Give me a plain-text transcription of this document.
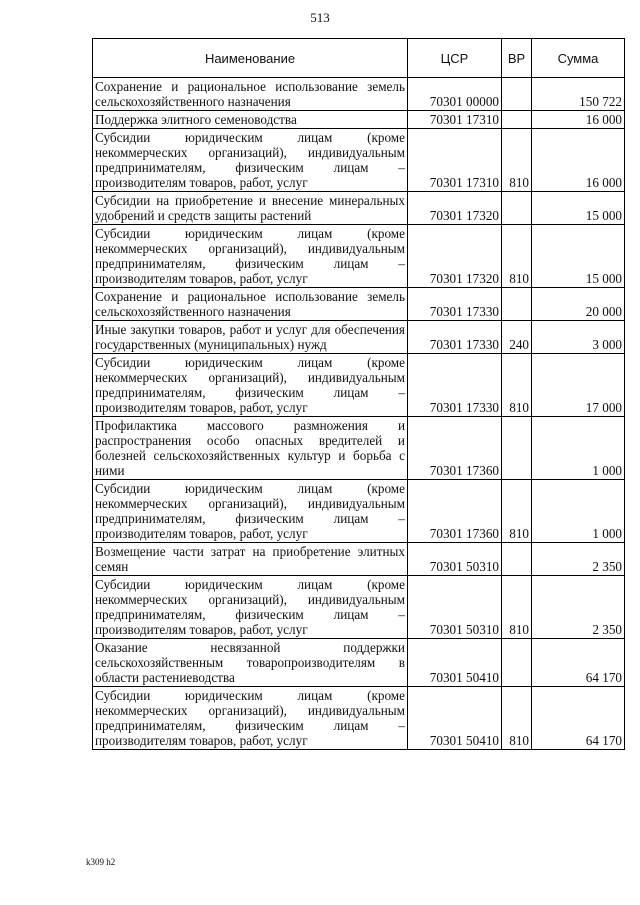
513
Наименование	ЦСР	ВР	Сумма
Сохранение и рациональное использование земель сельскохозяйственного назначения	70301 00000		150 722
Поддержка элитного семеноводства	70301 17310		16 000
Субсидии юридическим лицам (кроме некоммерческих организаций), индивидуальным предпринимателям, физическим лицам – производителям товаров, работ, услуг	70301 17310	810	16 000
Субсидии на приобретение и внесение минеральных удобрений и средств защиты растений	70301 17320		15 000
Субсидии юридическим лицам (кроме некоммерческих организаций), индивидуальным предпринимателям, физическим лицам – производителям товаров, работ, услуг	70301 17320	810	15 000
Сохранение и рациональное использование земель сельскохозяйственного назначения	70301 17330		20 000
Иные закупки товаров, работ и услуг для обеспечения государственных (муниципальных) нужд	70301 17330	240	3 000
Субсидии юридическим лицам (кроме некоммерческих организаций), индивидуальным предпринимателям, физическим лицам – производителям товаров, работ, услуг	70301 17330	810	17 000
Профилактика массового размножения и распространения особо опасных вредителей и болезней сельскохозяйственных культур и борьба с ними	70301 17360		1 000
Субсидии юридическим лицам (кроме некоммерческих организаций), индивидуальным предпринимателям, физическим лицам – производителям товаров, работ, услуг	70301 17360	810	1 000
Возмещение части затрат на приобретение элитных семян	70301 50310		2 350
Субсидии юридическим лицам (кроме некоммерческих организаций), индивидуальным предпринимателям, физическим лицам – производителям товаров, работ, услуг	70301 50310	810	2 350
Оказание несвязанной поддержки сельскохозяйственным товаропроизводителям в области растениеводства	70301 50410		64 170
Субсидии юридическим лицам (кроме некоммерческих организаций), индивидуальным предпринимателям, физическим лицам – производителям товаров, работ, услуг	70301 50410	810	64 170
k309 h2
